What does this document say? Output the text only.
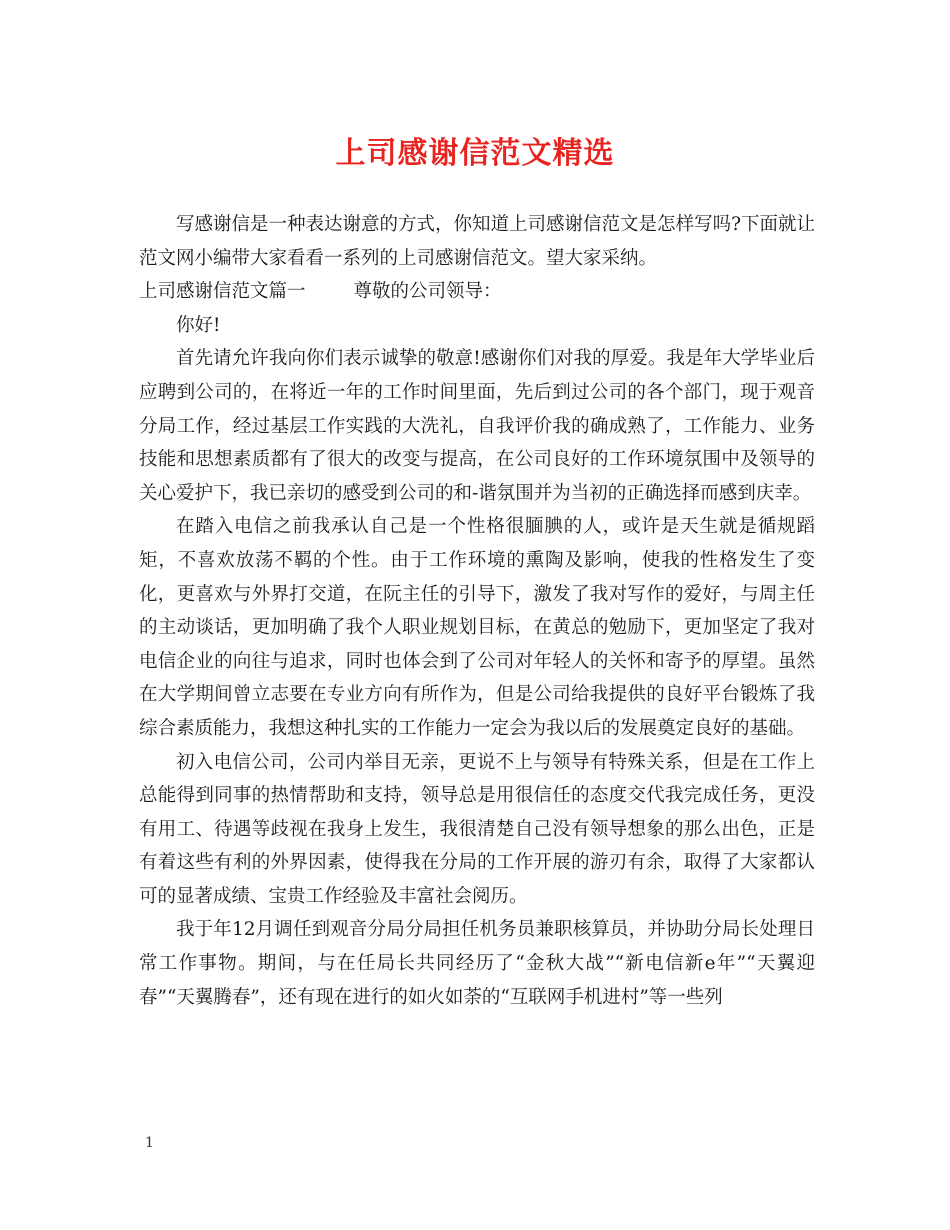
上司感谢信范文精选

写感谢信是一种表达谢意的方式，你知道上司感谢信范文是怎样写吗?下面就让范文网小编带大家看看一系列的上司感谢信范文。望大家采纳。

上司感谢信范文篇一	尊敬的公司领导：

你好!

首先请允许我向你们表示诚挚的敬意!感谢你们对我的厚爱。我是年大学毕业后应聘到公司的，在将近一年的工作时间里面，先后到过公司的各个部门，现于观音分局工作，经过基层工作实践的大洗礼，自我评价我的确成熟了，工作能力、业务技能和思想素质都有了很大的改变与提高，在公司良好的工作环境氛围中及领导的关心爱护下，我已亲切的感受到公司的和-谐氛围并为当初的正确选择而感到庆幸。

在踏入电信之前我承认自己是一个性格很腼腆的人，或许是天生就是循规蹈矩，不喜欢放荡不羁的个性。由于工作环境的熏陶及影响，使我的性格发生了变化，更喜欢与外界打交道，在阮主任的引导下，激发了我对写作的爱好，与周主任的主动谈话，更加明确了我个人职业规划目标，在黄总的勉励下，更加坚定了我对电信企业的向往与追求，同时也体会到了公司对年轻人的关怀和寄予的厚望。虽然在大学期间曾立志要在专业方向有所作为，但是公司给我提供的良好平台锻炼了我综合素质能力，我想这种扎实的工作能力一定会为我以后的发展奠定良好的基础。

初入电信公司，公司内举目无亲，更说不上与领导有特殊关系，但是在工作上总能得到同事的热情帮助和支持，领导总是用很信任的态度交代我完成任务，更没有用工、待遇等歧视在我身上发生，我很清楚自己没有领导想象的那么出色，正是有着这些有利的外界因素，使得我在分局的工作开展的游刃有余，取得了大家都认可的显著成绩、宝贵工作经验及丰富社会阅历。

我于年12月调任到观音分局分局担任机务员兼职核算员，并协助分局长处理日常工作事物。期间，与在任局长共同经历了“金秋大战”“新电信新e年”“天翼迎春”“天翼腾春”，还有现在进行的如火如荼的“互联网手机进村”等一些列

1
